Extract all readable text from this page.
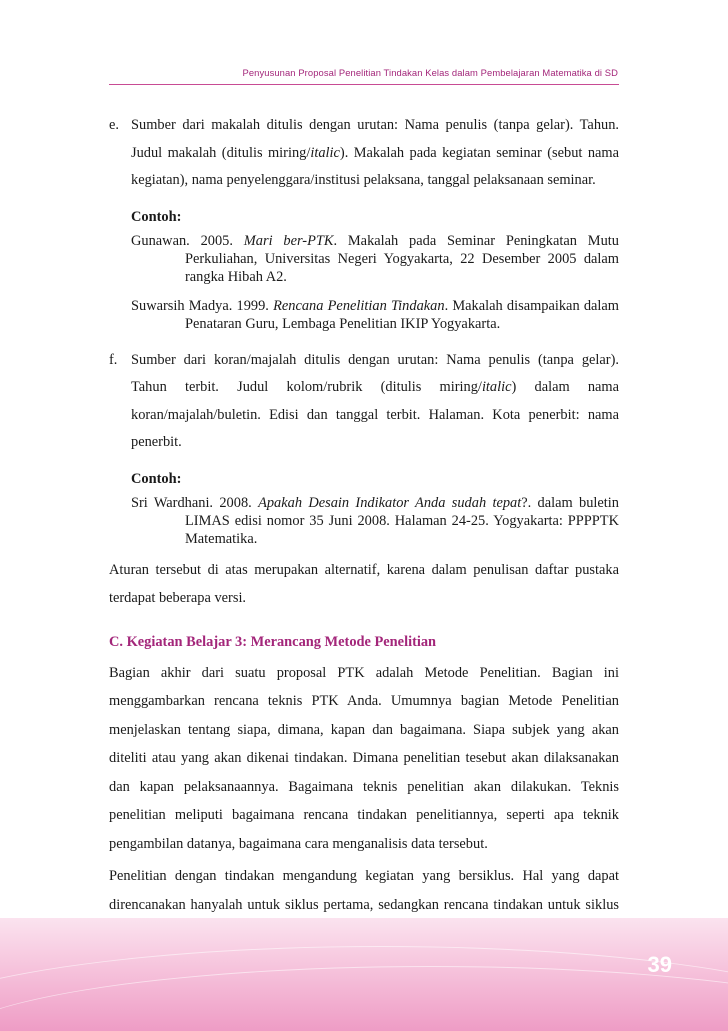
Penyusunan Proposal Penelitian Tindakan Kelas dalam Pembelajaran Matematika di SD
e. Sumber dari makalah ditulis dengan urutan: Nama penulis (tanpa gelar). Tahun. Judul makalah (ditulis miring/italic). Makalah pada kegiatan seminar (sebut nama kegiatan), nama penyelenggara/institusi pelaksana, tanggal pelaksanaan seminar.

Contoh:

Gunawan. 2005. Mari ber-PTK. Makalah pada Seminar Peningkatan Mutu Perkuliahan, Universitas Negeri Yogyakarta, 22 Desember 2005 dalam rangka Hibah A2.

Suwarsih Madya. 1999. Rencana Penelitian Tindakan. Makalah disampaikan dalam Penataran Guru, Lembaga Penelitian IKIP Yogyakarta.

f. Sumber dari koran/majalah ditulis dengan urutan: Nama penulis (tanpa gelar). Tahun terbit. Judul kolom/rubrik (ditulis miring/italic) dalam nama koran/majalah/buletin. Edisi dan tanggal terbit. Halaman. Kota penerbit: nama penerbit.

Contoh:

Sri Wardhani. 2008. Apakah Desain Indikator Anda sudah tepat?. dalam buletin LIMAS edisi nomor 35 Juni 2008. Halaman 24-25. Yogyakarta: PPPPTK Matematika.

Aturan tersebut di atas merupakan alternatif, karena dalam penulisan daftar pustaka terdapat beberapa versi.

C. Kegiatan Belajar 3: Merancang Metode Penelitian

Bagian akhir dari suatu proposal PTK adalah Metode Penelitian. Bagian ini menggambarkan rencana teknis PTK Anda. Umumnya bagian Metode Penelitian menjelaskan tentang siapa, dimana, kapan dan bagaimana. Siapa subjek yang akan diteliti atau yang akan dikenai tindakan. Dimana penelitian tesebut akan dilaksanakan dan kapan pelaksanaannya. Bagaimana teknis penelitian akan dilakukan. Teknis penelitian meliputi bagaimana rencana tindakan penelitiannya, seperti apa teknik pengambilan datanya, bagaimana cara menganalisis data tersebut.

Penelitian dengan tindakan mengandung kegiatan yang bersiklus. Hal yang dapat direncanakan hanyalah untuk siklus pertama, sedangkan rencana tindakan untuk siklus

39
